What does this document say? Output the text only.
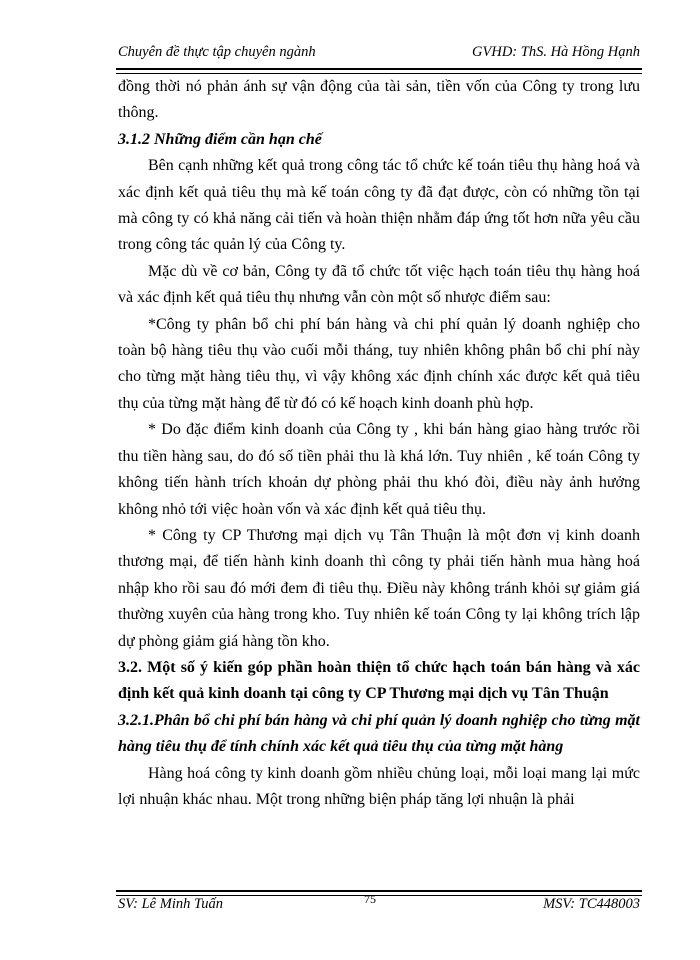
Chuyên đề thực tập chuyên ngành	GVHD: ThS. Hà Hồng Hạnh

đồng thời nó phản ánh sự vận động của tài sản, tiền vốn của Công ty trong lưu thông.

3.1.2 Những điểm cần hạn chế

Bên cạnh những kết quả trong công tác tổ chức kế toán tiêu thụ hàng hoá và xác định kết quả tiêu thụ mà kế toán công ty đã đạt được, còn có những tồn tại mà công ty có khả năng cải tiến và hoàn thiện nhằm đáp ứng tốt hơn nữa yêu cầu trong công tác quản lý của Công ty.

Mặc dù về cơ bản, Công ty đã tổ chức tốt việc hạch toán tiêu thụ hàng hoá và xác định kết quả tiêu thụ nhưng vẫn còn một số nhược điểm sau:

*Công ty phân bổ chi phí bán hàng và chi phí quản lý doanh nghiệp cho toàn bộ hàng tiêu thụ vào cuối mỗi tháng, tuy nhiên không phân bổ chi phí này cho từng mặt hàng tiêu thụ, vì vậy không xác định chính xác được kết quả tiêu thụ của từng mặt hàng để từ đó có kế hoạch kinh doanh phù hợp.

* Do đặc điểm kinh doanh của Công ty , khi bán hàng giao hàng trước rồi thu tiền hàng sau, do đó số tiền phải thu là khá lớn. Tuy nhiên , kế toán Công ty không tiến hành trích khoản dự phòng phải thu khó đòi, điều này ảnh hưởng không nhỏ tới việc hoàn vốn và xác định kết quả tiêu thụ.

* Công ty CP Thương mại dịch vụ Tân Thuận là một đơn vị kinh doanh thương mại, để tiến hành kinh doanh thì công ty phải tiến hành mua hàng hoá nhập kho rồi sau đó mới đem đi tiêu thụ. Điều này không tránh khỏi sự giảm giá thường xuyên của hàng trong kho. Tuy nhiên kế toán Công ty lại không trích lập dự phòng giảm giá hàng tồn kho.

3.2. Một số ý kiến góp phần hoàn thiện tổ chức hạch toán bán hàng và xác định kết quả kinh doanh tại công ty CP Thương mại dịch vụ Tân Thuận

3.2.1.Phân bổ chi phí bán hàng và chi phí quản lý doanh nghiệp cho từng mặt hàng tiêu thụ để tính chính xác kết quả tiêu thụ của từng mặt hàng

Hàng hoá công ty kinh doanh gồm nhiều chủng loại, mỗi loại mang lại mức lợi nhuận khác nhau. Một trong những biện pháp tăng lợi nhuận là phải

SV: Lê Minh Tuấn	75	MSV: TC448003
